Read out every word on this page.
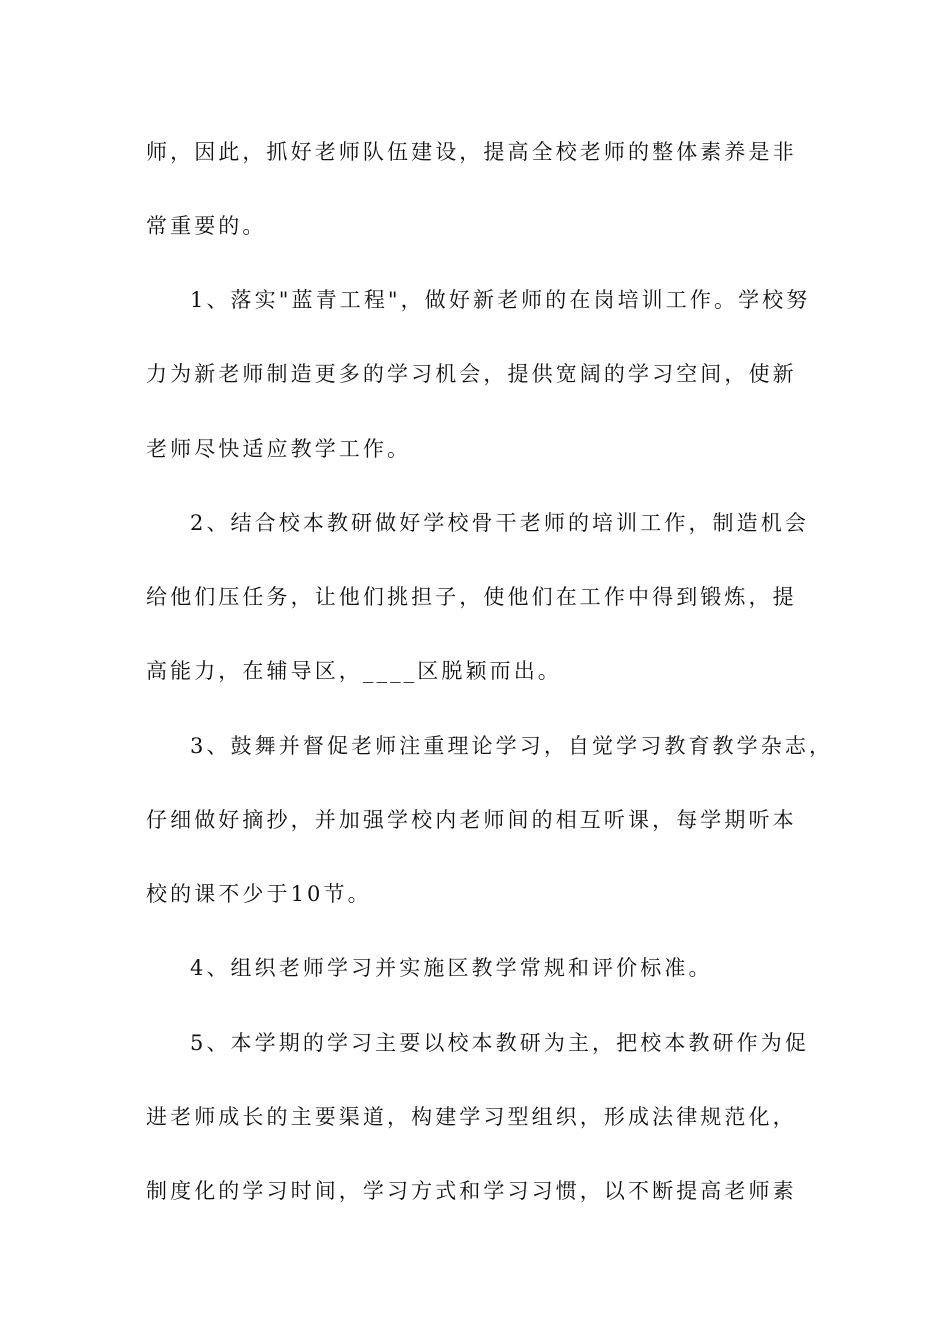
师，因此，抓好老师队伍建设，提高全校老师的整体素养是非
常重要的。
1、落实"蓝青工程"，做好新老师的在岗培训工作。学校努
力为新老师制造更多的学习机会，提供宽阔的学习空间，使新
老师尽快适应教学工作。
2、结合校本教研做好学校骨干老师的培训工作，制造机会
给他们压任务，让他们挑担子，使他们在工作中得到锻炼，提
高能力，在辅导区，____区脱颖而出。
3、鼓舞并督促老师注重理论学习，自觉学习教育教学杂志，
仔细做好摘抄，并加强学校内老师间的相互听课，每学期听本
校的课不少于10节。
4、组织老师学习并实施区教学常规和评价标准。
5、本学期的学习主要以校本教研为主，把校本教研作为促
进老师成长的主要渠道，构建学习型组织，形成法律规范化，
制度化的学习时间，学习方式和学习习惯，以不断提高老师素
